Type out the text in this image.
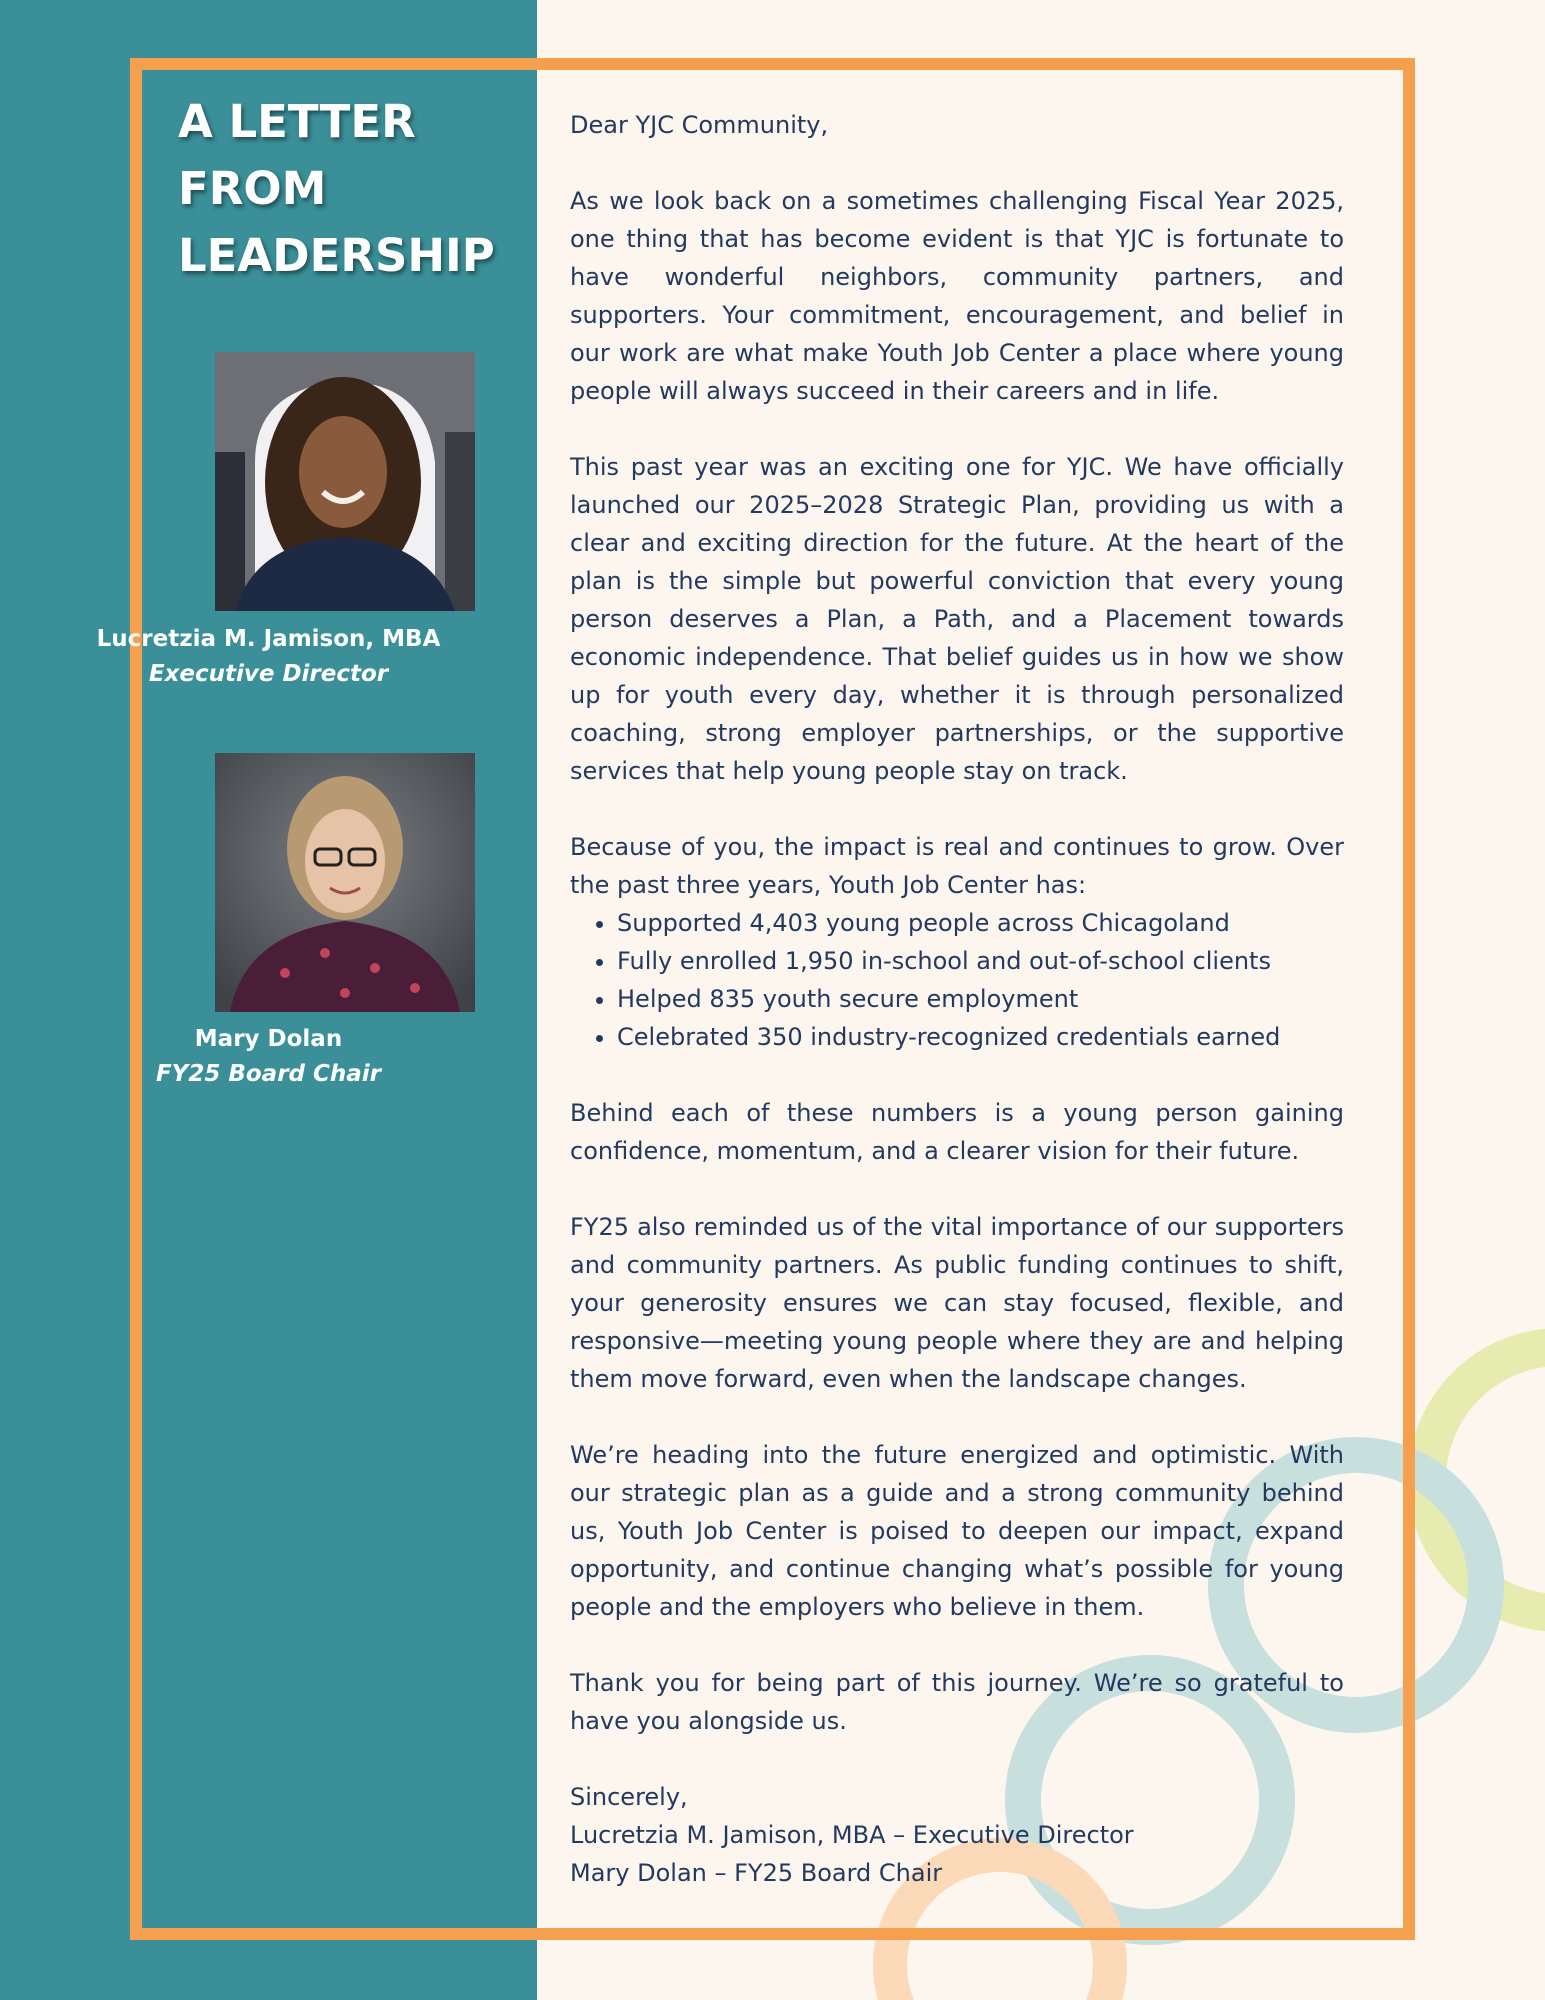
A LETTER
FROM
LEADERSHIP
Lucretzia M. Jamison, MBA
Executive Director
Mary Dolan
FY25 Board Chair

Dear YJC Community,

As we look back on a sometimes challenging Fiscal Year 2025, one thing that has become evident is that YJC is fortunate to have wonderful neighbors, community partners, and supporters. Your commitment, encouragement, and belief in our work are what make Youth Job Center a place where young people will always succeed in their careers and in life.

This past year was an exciting one for YJC. We have officially launched our 2025–2028 Strategic Plan, providing us with a clear and exciting direction for the future. At the heart of the plan is the simple but powerful conviction that every young person deserves a Plan, a Path, and a Placement towards economic independence. That belief guides us in how we show up for youth every day, whether it is through personalized coaching, strong employer partnerships, or the supportive services that help young people stay on track.

Because of you, the impact is real and continues to grow. Over the past three years, Youth Job Center has:

• Supported 4,403 young people across Chicagoland
• Fully enrolled 1,950 in-school and out-of-school clients
• Helped 835 youth secure employment
• Celebrated 350 industry-recognized credentials earned

Behind each of these numbers is a young person gaining confidence, momentum, and a clearer vision for their future.

FY25 also reminded us of the vital importance of our supporters and community partners. As public funding continues to shift, your generosity ensures we can stay focused, flexible, and responsive—meeting young people where they are and helping them move forward, even when the landscape changes.

We’re heading into the future energized and optimistic. With our strategic plan as a guide and a strong community behind us, Youth Job Center is poised to deepen our impact, expand opportunity, and continue changing what’s possible for young people and the employers who believe in them.

Thank you for being part of this journey. We’re so grateful to have you alongside us.

Sincerely,
Lucretzia M. Jamison, MBA – Executive Director
Mary Dolan – FY25 Board Chair
